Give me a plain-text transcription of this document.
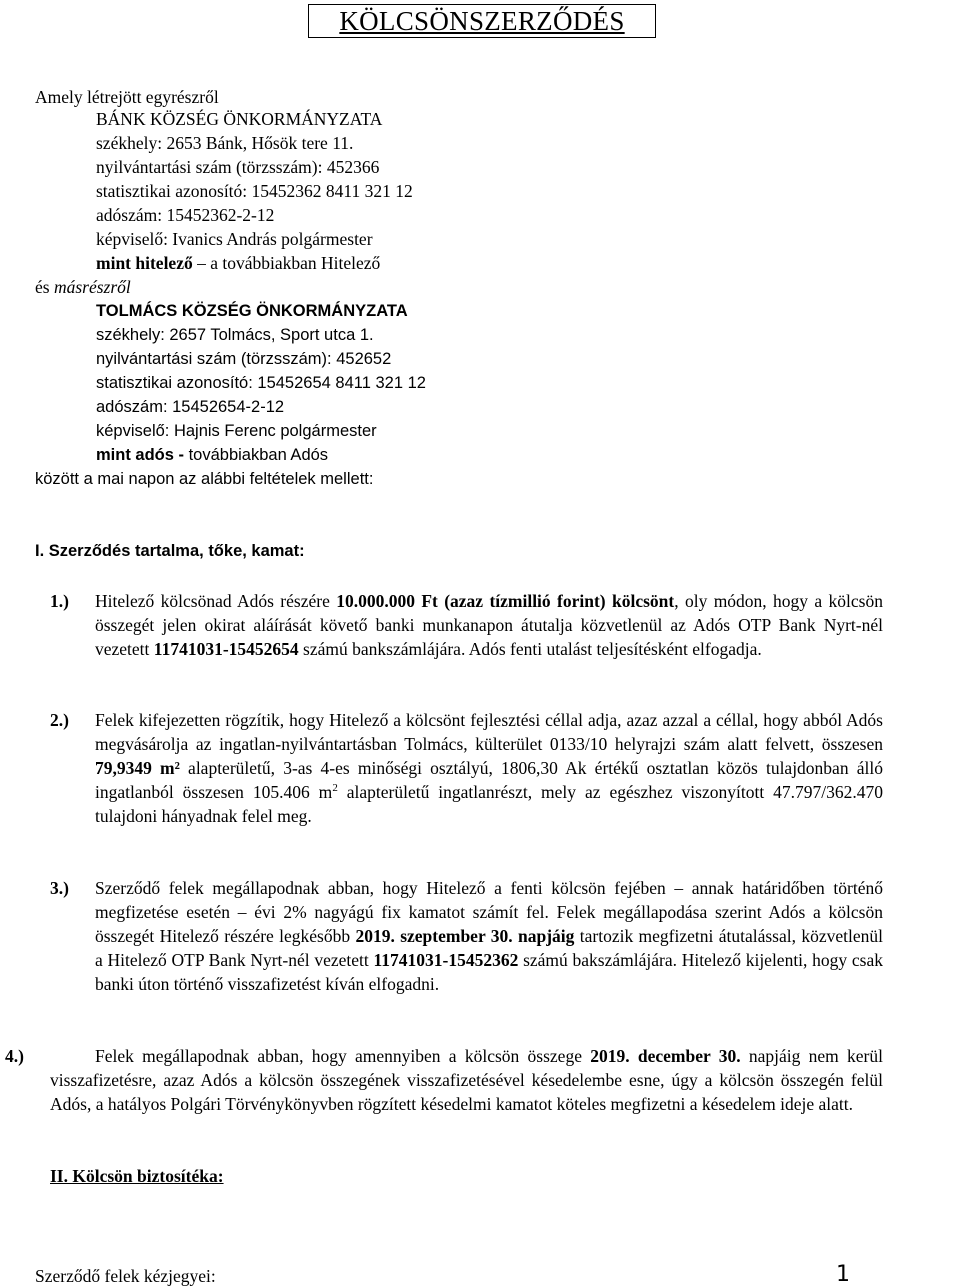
KÖLCSÖNSZERZŐDÉS
Amely létrejött egyrészről
BÁNK KÖZSÉG ÖNKORMÁNYZATA
székhely: 2653 Bánk, Hősök tere 11.
nyilvántartási szám (törzsszám): 452366
statisztikai azonosító: 15452362 8411 321 12
adószám: 15452362-2-12
képviselő: Ivanics András polgármester
mint hitelező – a továbbiakban Hitelező
és másrészről
TOLMÁCS KÖZSÉG ÖNKORMÁNYZATA
székhely: 2657 Tolmács, Sport utca 1.
nyilvántartási szám (törzsszám): 452652
statisztikai azonosító: 15452654 8411 321 12
adószám: 15452654-2-12
képviselő: Hajnis Ferenc polgármester
mint adós - továbbiakban Adós
között a mai napon az alábbi feltételek mellett:
I. Szerződés tartalma, tőke, kamat:
1.) Hitelező kölcsönad Adós részére 10.000.000 Ft (azaz tízmillió forint) kölcsönt, oly módon, hogy a kölcsön összegét jelen okirat aláírását követő banki munkanapon átutalja közvetlenül az Adós OTP Bank Nyrt-nél vezetett 11741031-15452654 számú bankszámlájára. Adós fenti utalást teljesítésként elfogadja.

2.) Felek kifejezetten rögzítik, hogy Hitelező a kölcsönt fejlesztési céllal adja, azaz azzal a céllal, hogy abból Adós megvásárolja az ingatlan-nyilvántartásban Tolmács, külterület 0133/10 helyrajzi szám alatt felvett, összesen 79,9349 m² alapterületű, 3-as 4-es minőségi osztályú, 1806,30 Ak értékű osztatlan közös tulajdonban álló ingatlanból összesen 105.406 $m^2$ alapterületű ingatlanrészt, mely az egészhez viszonyított 47.797/362.470 tulajdoni hányadnak felel meg.

3.) Szerződő felek megállapodnak abban, hogy Hitelező a fenti kölcsön fejében – annak határidőben történő megfizetése esetén – évi 2% nagyágú fix kamatot számít fel. Felek megállapodása szerint Adós a kölcsön összegét Hitelező részére legkésőbb 2019. szeptember 30. napjáig tartozik megfizetni átutalással, közvetlenül a Hitelező OTP Bank Nyrt-nél vezetett 11741031-15452362 számú bakszámlájára. Hitelező kijelenti, hogy csak banki úton történő visszafizetést kíván elfogadni.

4.)	Felek megállapodnak abban, hogy amennyiben a kölcsön összege 2019. december 30. napjáig nem kerül visszafizetésre, azaz Adós a kölcsön összegének visszafizetésével késedelembe esne, úgy a kölcsön összegén felül Adós, a hatályos Polgári Törvénykönyvben rögzített késedelmi kamatot köteles megfizetni a késedelem ideje alatt.

II. Kölcsön biztosítéka:
Szerződő felek kézjegyei:	1
